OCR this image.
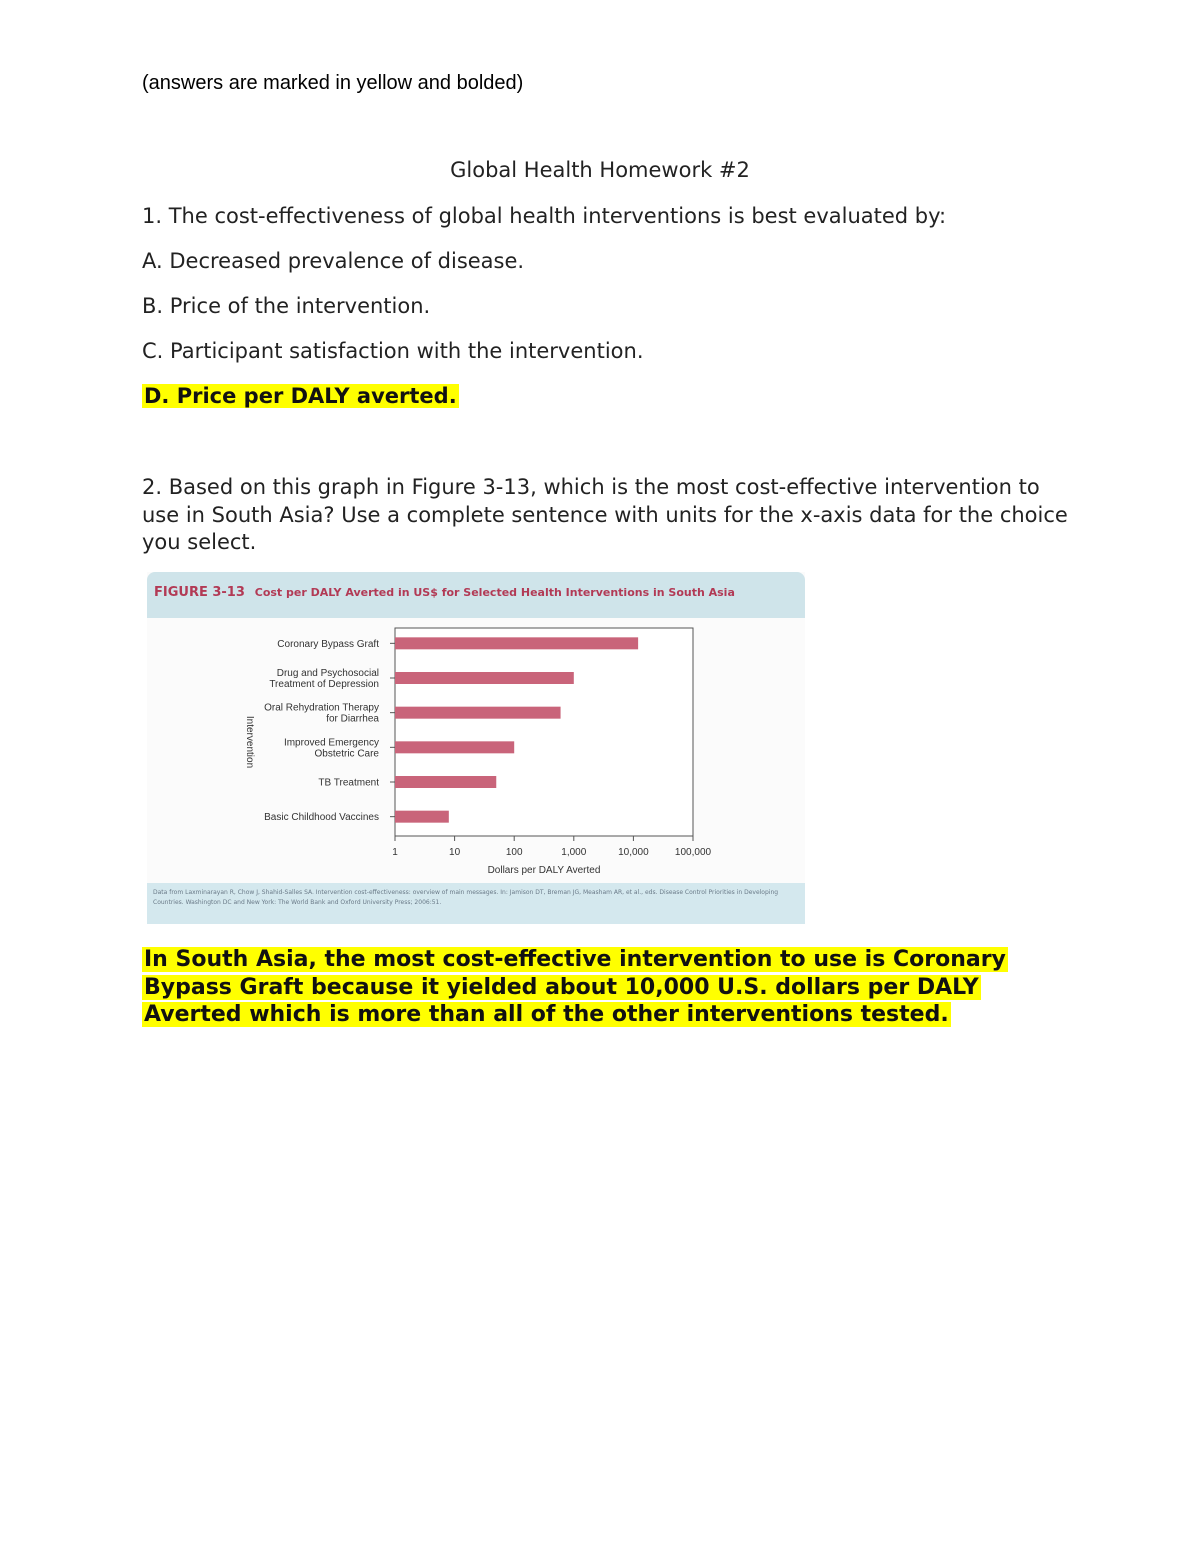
(answers are marked in yellow and bolded)
Global Health Homework #2
1. The cost-effectiveness of global health interventions is best evaluated by:
A. Decreased prevalence of disease.
B. Price of the intervention.
C. Participant satisfaction with the intervention.
D. Price per DALY averted.
2. Based on this graph in Figure 3-13, which is the most cost-effective intervention to use in South Asia? Use a complete sentence with units for the x-axis data for the choice you select.
FIGURE 3-13 Cost per DALY Averted in US$ for Selected Health Interventions in South Asia
Coronary Bypass Graft
Drug and Psychosocial Treatment of Depression
Oral Rehydration Therapy for Diarrhea
Improved Emergency Obstetric Care
TB Treatment
Basic Childhood Vaccines
1	10	100	1,000	10,000	100,000
Dollars per DALY Averted
Intervention
Data from Laxminarayan R, Chow J, Shahid-Salles SA. Intervention cost-effectiveness: overview of main messages. In: Jamison DT, Breman JG, Measham AR, et al., eds. Disease Control Priorities in Developing Countries. Washington DC and New York: The World Bank and Oxford University Press; 2006:51.
In South Asia, the most cost-effective intervention to use is Coronary Bypass Graft because it yielded about 10,000 U.S. dollars per DALY Averted which is more than all of the other interventions tested.
